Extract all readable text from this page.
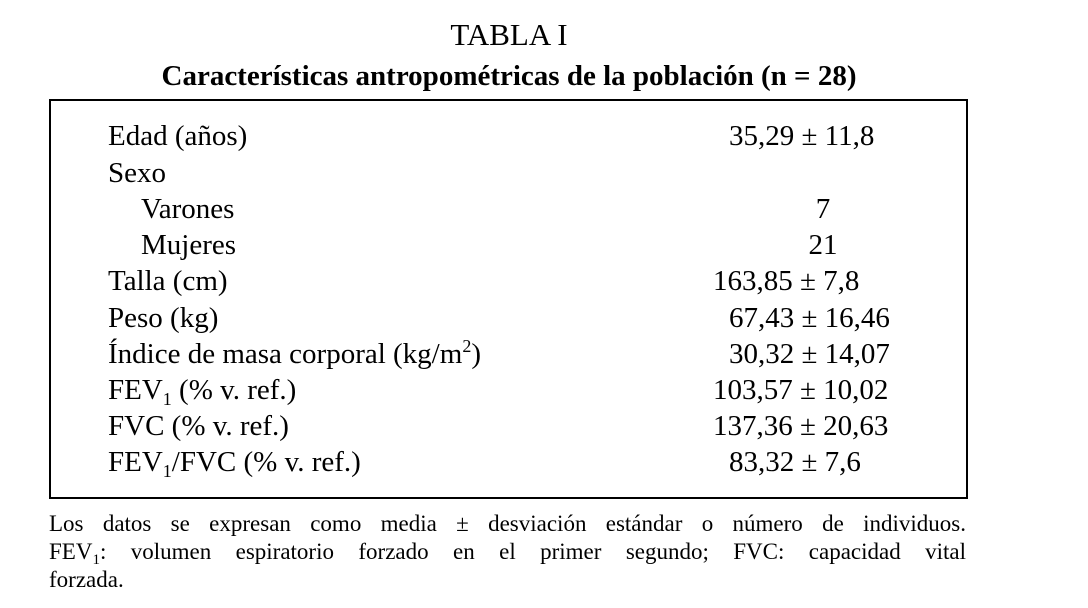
TABLA I
Características antropométricas de la población (n = 28)
Edad (años)	35,29 ± 11,8
Sexo
Varones	7
Mujeres	21
Talla (cm)	163,85 ± 7,8
Peso (kg)	67,43 ± 16,46
Índice de masa corporal $(kg/m^2)$	30,32 ± 14,07
$FEV_1$ (% v. ref.)	103,57 ± 10,02
FVC (% v. ref.)	137,36 ± 20,63
$FEV_1$/FVC (% v. ref.)	83,32 ± 7,6
Los datos se expresan como media ± desviación estándar o número de individuos.
$FEV_1$: volumen espiratorio forzado en el primer segundo; FVC: capacidad vital
forzada.
